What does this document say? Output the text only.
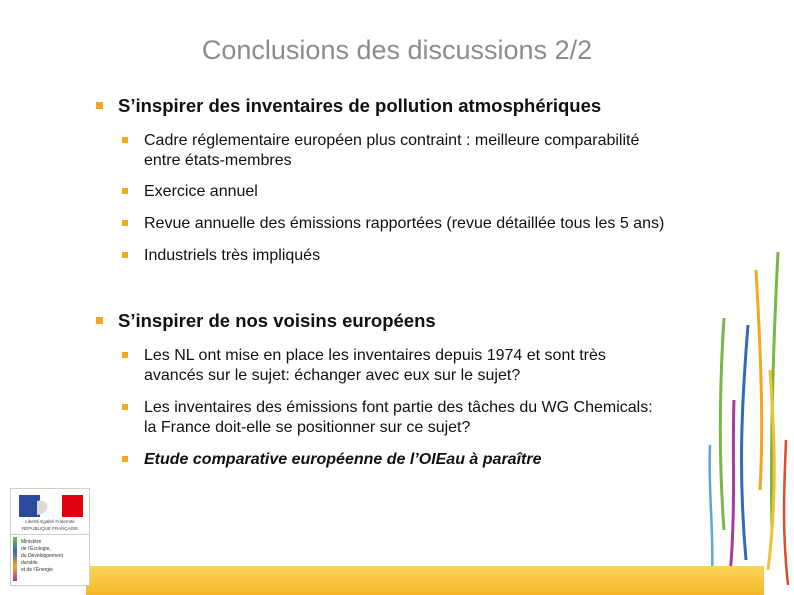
Conclusions des discussions 2/2
S’inspirer des inventaires de pollution atmosphériques
Cadre réglementaire européen plus contraint : meilleure comparabilité
entre états-membres
Exercice annuel
Revue annuelle des émissions rapportées (revue détaillée tous les 5 ans)
Industriels très impliqués
S’inspirer de nos voisins européens
Les NL ont mise en place les inventaires depuis 1974 et sont très
avancés sur le sujet: échanger avec eux sur le sujet?
Les inventaires des émissions font partie des tâches du WG Chemicals:
la France doit-elle se positionner sur ce sujet?
Etude comparative européenne de l’OIEau à paraître
Liberté Égalité Fraternité
RÉPUBLIQUE FRANÇAISE
Ministère
de l’Écologie,
du Développement
durable
et de l’Énergie
